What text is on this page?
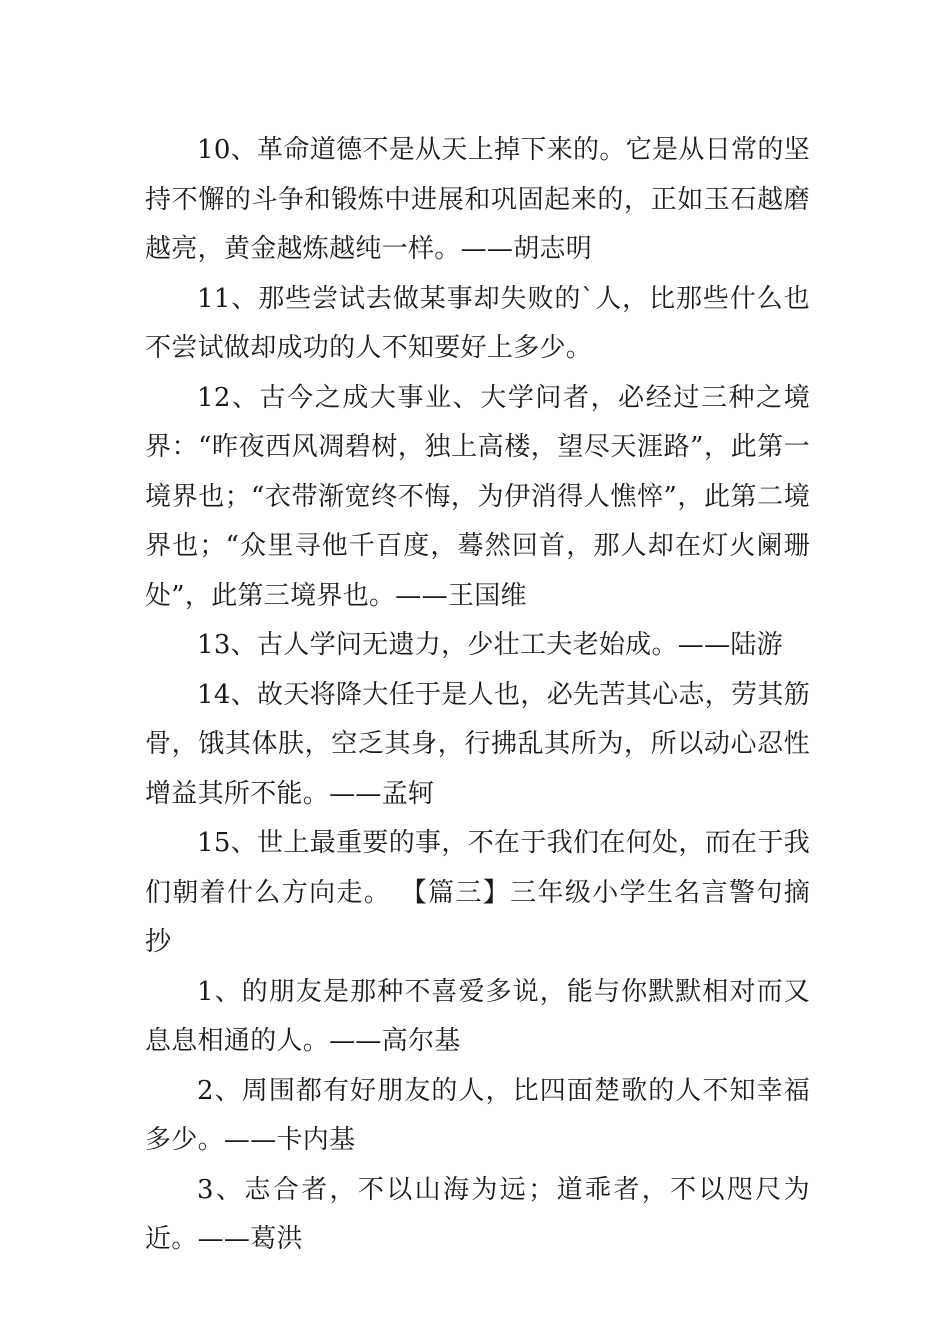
10、革命道德不是从天上掉下来的。它是从日常的坚持不懈的斗争和锻炼中进展和巩固起来的，正如玉石越磨越亮，黄金越炼越纯一样。——胡志明

11、那些尝试去做某事却失败的`人，比那些什么也不尝试做却成功的人不知要好上多少。

12、古今之成大事业、大学问者，必经过三种之境界：“昨夜西风凋碧树，独上高楼，望尽天涯路”，此第一境界也；“衣带渐宽终不悔，为伊消得人憔悴”，此第二境界也；“众里寻他千百度，蓦然回首，那人却在灯火阑珊处”，此第三境界也。——王国维

13、古人学问无遗力，少壮工夫老始成。——陆游

14、故天将降大任于是人也，必先苦其心志，劳其筋骨，饿其体肤，空乏其身，行拂乱其所为，所以动心忍性增益其所不能。——孟轲

15、世上最重要的事，不在于我们在何处，而在于我们朝着什么方向走。 【篇三】三年级小学生名言警句摘抄

1、的朋友是那种不喜爱多说，能与你默默相对而又息息相通的人。——高尔基

2、周围都有好朋友的人，比四面楚歌的人不知幸福多少。——卡内基

3、志合者，不以山海为远；道乖者，不以咫尺为近。——葛洪
